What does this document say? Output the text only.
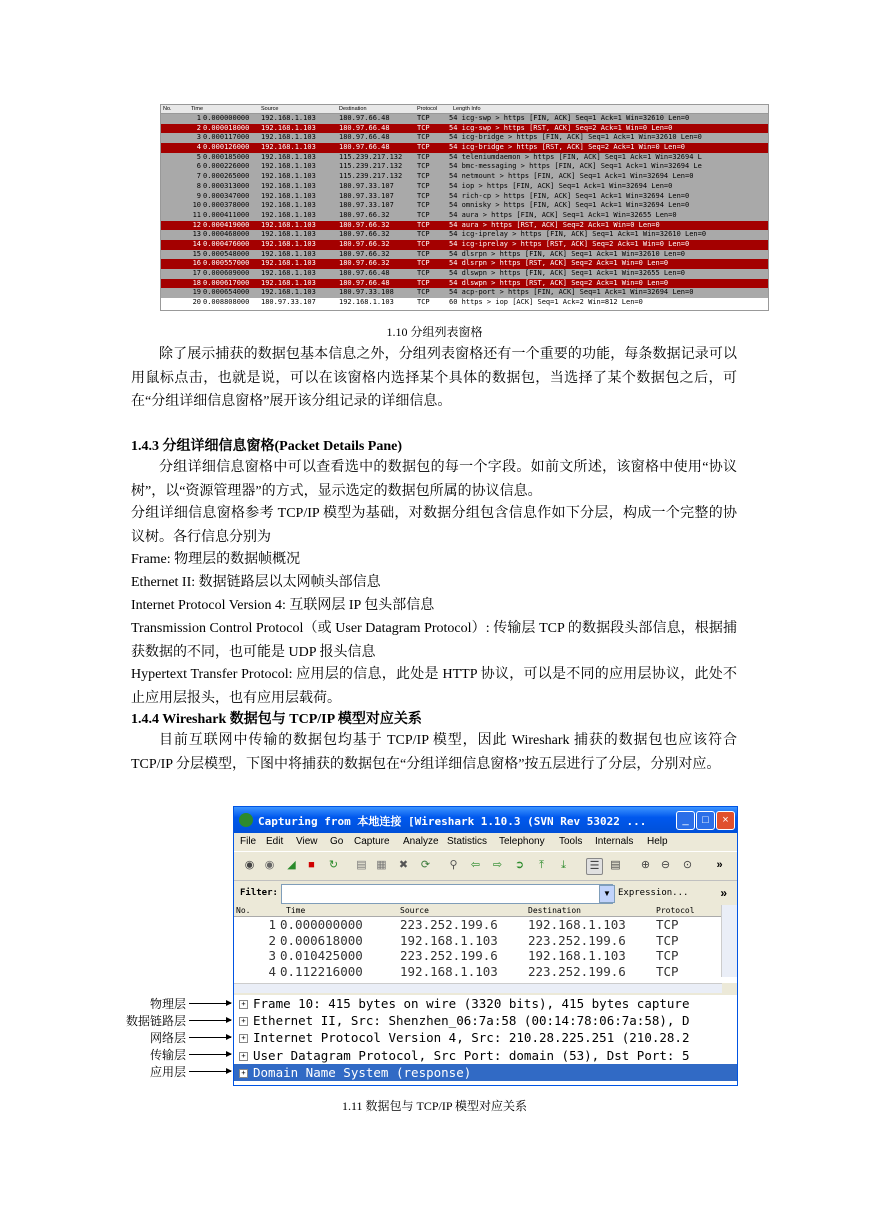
No.	Time	Source	Destination	Protocol	Length Info
1 0.000000000 192.168.1.103	180.97.66.48	TCP	54 icg-swp > https [FIN, ACK] Seq=1 Ack=1 Win=32610 Len=0
2 0.000018000 192.168.1.103	180.97.66.48	TCP	54 icg-swp > https [RST, ACK] Seq=2 Ack=1 Win=0 Len=0
3 0.000117000 192.168.1.103	180.97.66.48	TCP	54 icg-bridge > https [FIN, ACK] Seq=1 Ack=1 Win=32610 Len=0
4 0.000126000 192.168.1.103	180.97.66.48	TCP	54 icg-bridge > https [RST, ACK] Seq=2 Ack=1 Win=0 Len=0
5 0.000185000 192.168.1.103	115.239.217.132 TCP	54 teleniumdaemon > https [FIN, ACK] Seq=1 Ack=1 Win=32694 L
6 0.000226000 192.168.1.103	115.239.217.132 TCP	54 bmc-messaging > https [FIN, ACK] Seq=1 Ack=1 Win=32694 Le
7 0.000265000 192.168.1.103	115.239.217.132 TCP	54 netmount > https [FIN, ACK] Seq=1 Ack=1 Win=32694 Len=0
8 0.000313000 192.168.1.103	180.97.33.107	TCP	54 iop > https [FIN, ACK] Seq=1 Ack=1 Win=32694 Len=0
9 0.000347000 192.168.1.103	180.97.33.107	TCP	54 rich-cp > https [FIN, ACK] Seq=1 Ack=1 Win=32694 Len=0
10 0.000378000 192.168.1.103	180.97.33.107	TCP	54 omnisky > https [FIN, ACK] Seq=1 Ack=1 Win=32694 Len=0
11 0.000411000 192.168.1.103	180.97.66.32	TCP	54 aura > https [FIN, ACK] Seq=1 Ack=1 Win=32655 Len=0
12 0.000419000 192.168.1.103	180.97.66.32	TCP	54 aura > https [RST, ACK] Seq=2 Ack=1 Win=0 Len=0
13 0.000468000 192.168.1.103	180.97.66.32	TCP	54 icg-iprelay > https [FIN, ACK] Seq=1 Ack=1 Win=32610 Len=0
14 0.000476000 192.168.1.103	180.97.66.32	TCP	54 icg-iprelay > https [RST, ACK] Seq=2 Ack=1 Win=0 Len=0
15 0.000548000 192.168.1.103	180.97.66.32	TCP	54 dlsrpn > https [FIN, ACK] Seq=1 Ack=1 Win=32610 Len=0
16 0.000557000 192.168.1.103	180.97.66.32	TCP	54 dlsrpn > https [RST, ACK] Seq=2 Ack=1 Win=0 Len=0
17 0.000609000 192.168.1.103	180.97.66.48	TCP	54 dlswpn > https [FIN, ACK] Seq=1 Ack=1 Win=32655 Len=0
18 0.000617000 192.168.1.103	180.97.66.48	TCP	54 dlswpn > https [RST, ACK] Seq=2 Ack=1 Win=0 Len=0
19 0.000654000 192.168.1.103	180.97.33.108	TCP	54 acp-port > https [FIN, ACK] Seq=1 Ack=1 Win=32694 Len=0
20 0.008808000 180.97.33.107	192.168.1.103	TCP	60 https > iop [ACK] Seq=1 Ack=2 Win=812 Len=0
1.10 分组列表窗格
除了展示捕获的数据包基本信息之外，分组列表窗格还有一个重要的功能，每条数据记录可以用鼠标点击，也就是说，可以在该窗格内选择某个具体的数据包，当选择了某个数据包之后，可在“分组详细信息窗格”展开该分组记录的详细信息。
1.4.3 分组详细信息窗格(Packet Details Pane)
分组详细信息窗格中可以查看选中的数据包的每一个字段。如前文所述，该窗格中使用“协议树”，以“资源管理器”的方式，显示选定的数据包所属的协议信息。
分组详细信息窗格参考 TCP/IP 模型为基础，对数据分组包含信息作如下分层，构成一个完整的协议树。各行信息分别为
Frame: 物理层的数据帧概况
Ethernet II: 数据链路层以太网帧头部信息
Internet Protocol Version 4: 互联网层 IP 包头部信息
Transmission Control Protocol（或 User Datagram Protocol）: 传输层 TCP 的数据段头部信息，根据捕获数据的不同，也可能是 UDP 报头信息
Hypertext Transfer Protocol: 应用层的信息，此处是 HTTP 协议，可以是不同的应用层协议，此处不止应用层报头，也有应用层载荷。
1.4.4 Wireshark 数据包与 TCP/IP 模型对应关系
目前互联网中传输的数据包均基于 TCP/IP 模型，因此 Wireshark 捕获的数据包也应该符合 TCP/IP 分层模型，下图中将捕获的数据包在“分组详细信息窗格”按五层进行了分层，分别对应。
Capturing from 本地连接 [Wireshark 1.10.3 (SVN Rev 53022 ...	_	□	×
File Edit View Go Capture Analyze Statistics Telephony Tools Internals Help
◉ ◉ ◢	■	↻ ▤ ▦ ✖ ⟳	⚲	⇦ ⇨ ➲	⤒	⤓	☰ ▤ ⊕ ⊖ ⊙	»
Filter:	▼ Expression...	»
No.	Time	Source	Destination	Protocol
1 0.000000000	223.252.199.6 192.168.1.103 TCP
2 0.000618000	192.168.1.103 223.252.199.6 TCP
3 0.010425000	223.252.199.6 192.168.1.103 TCP
4 0.112216000	192.168.1.103 223.252.199.6 TCP
+ Frame 10: 415 bytes on wire (3320 bits), 415 bytes capture
+ Ethernet II, Src: Shenzhen_06:7a:58 (00:14:78:06:7a:58), D
+ Internet Protocol Version 4, Src: 210.28.225.251 (210.28.2
+ User Datagram Protocol, Src Port: domain (53), Dst Port: 5
+ Domain Name System (response)
物理层
数据链路层
网络层
传输层
应用层
1.11 数据包与 TCP/IP 模型对应关系
